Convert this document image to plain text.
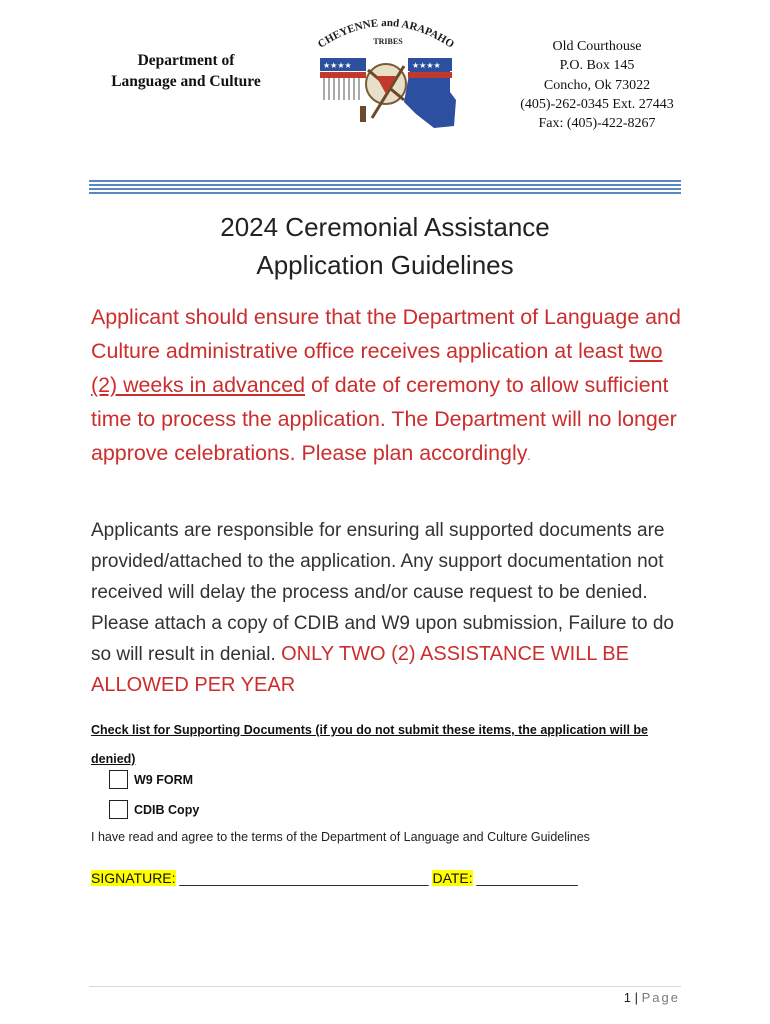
Department of
Language and Culture
CHEYENNE and ARAPAHO
TRIBES
★★★★	★★★★
Old Courthouse
P.O. Box 145
Concho, Ok 73022
(405)-262-0345 Ext. 27443
Fax: (405)-422-8267
2024 Ceremonial Assistance
Application Guidelines
Applicant should ensure that the Department of Language and Culture administrative office receives application at least two (2) weeks in advanced of date of ceremony to allow sufficient time to process the application. The Department will no longer approve celebrations. Please plan accordingly.
Applicants are responsible for ensuring all supported documents are provided/attached to the application. Any support documentation not received will delay the process and/or cause request to be denied. Please attach a copy of CDIB and W9 upon submission, Failure to do so will result in denial. ONLY TWO (2) ASSISTANCE WILL BE ALLOWED PER YEAR
Check list for Supporting Documents (if you do not submit these items, the application will be denied)
W9 FORM
CDIB Copy
I have read and agree to the terms of the Department of Language and Culture Guidelines
SIGNATURE: ________________________________ DATE: _____________
1 | Page
